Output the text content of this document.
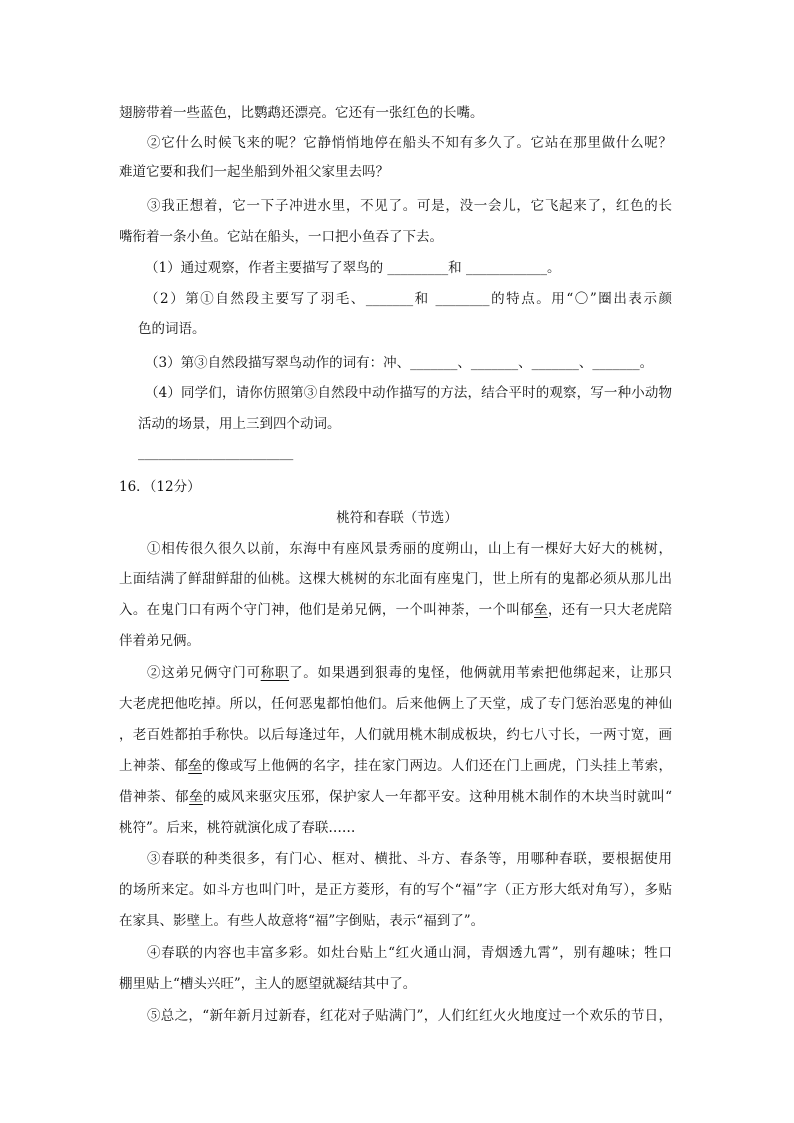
翅膀带着一些蓝色，比鹦鹉还漂亮。它还有一张红色的长嘴。
②它什么时候飞来的呢？它静悄悄地停在船头不知有多久了。它站在那里做什么呢？
难道它要和我们一起坐船到外祖父家里去吗？
③我正想着，它一下子冲进水里，不见了。可是，没一会儿，它飞起来了，红色的长
嘴衔着一条小鱼。它站在船头，一口把小鱼吞了下去。
（1）通过观察，作者主要描写了翠鸟的 _________和 ____________。
（2）第①自然段主要写了羽毛、_______和 ________的特点。用“〇”圈出表示颜
色的词语。
（3）第③自然段描写翠鸟动作的词有：冲、_______、_______、_______、_______。
（4）同学们，请你仿照第③自然段中动作描写的方法，结合平时的观察，写一种小动物
活动的场景，用上三到四个动词。
_______________________
16．（12分）
桃符和春联（节选）
①相传很久很久以前，东海中有座风景秀丽的度朔山，山上有一棵好大好大的桃树，
上面结满了鲜甜鲜甜的仙桃。这棵大桃树的东北面有座鬼门，世上所有的鬼都必须从那儿出
入。在鬼门口有两个守门神，他们是弟兄俩，一个叫神荼，一个叫郁垒，还有一只大老虎陪
伴着弟兄俩。
②这弟兄俩守门可称职了。如果遇到狠毒的鬼怪，他俩就用苇索把他绑起来，让那只
大老虎把他吃掉。所以，任何恶鬼都怕他们。后来他俩上了天堂，成了专门惩治恶鬼的神仙
，老百姓都拍手称快。以后每逢过年，人们就用桃木制成板块，约七八寸长，一两寸宽，画
上神荼、郁垒的像或写上他俩的名字，挂在家门两边。人们还在门上画虎，门头挂上苇索，
借神荼、郁垒的威风来驱灾压邪，保护家人一年都平安。这种用桃木制作的木块当时就叫“
桃符”。后来，桃符就演化成了春联……
③春联的种类很多，有门心、框对、横批、斗方、春条等，用哪种春联，要根据使用
的场所来定。如斗方也叫门叶，是正方菱形，有的写个“福”字（正方形大纸对角写），多贴
在家具、影壁上。有些人故意将“福”字倒贴，表示“福到了”。
④春联的内容也丰富多彩。如灶台贴上“红火通山洞，青烟透九霄”，别有趣味；牲口
棚里贴上“槽头兴旺”，主人的愿望就凝结其中了。
⑤总之，“新年新月过新春，红花对子贴满门”，人们红红火火地度过一个欢乐的节日，
